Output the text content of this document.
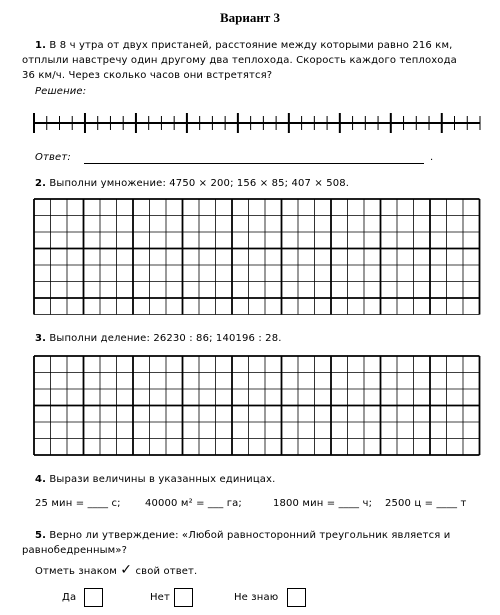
Вариант 3
1. В 8 ч утра от двух пристаней, расстояние между которыми равно 216 км,
отплыли навстречу один другому два теплохода. Скорость каждого теплохода
36 км/ч. Через сколько часов они встретятся?
Решение:
Ответ:	.
2. Выполни умножение: 4750 × 200; 156 × 85; 407 × 508.
3. Выполни деление: 26230 : 86; 140196 : 28.
4. Вырази величины в указанных единицах.
25 мин = ____ с; 40000 м² = ___ га;	1800 мин = ____ ч; 2500 ц = ____ т
5. Верно ли утверждение: «Любой равносторонний треугольник является и
равнобедренным»?
Отметь знаком ✓ свой ответ.
Да	Нет	Не знаю
